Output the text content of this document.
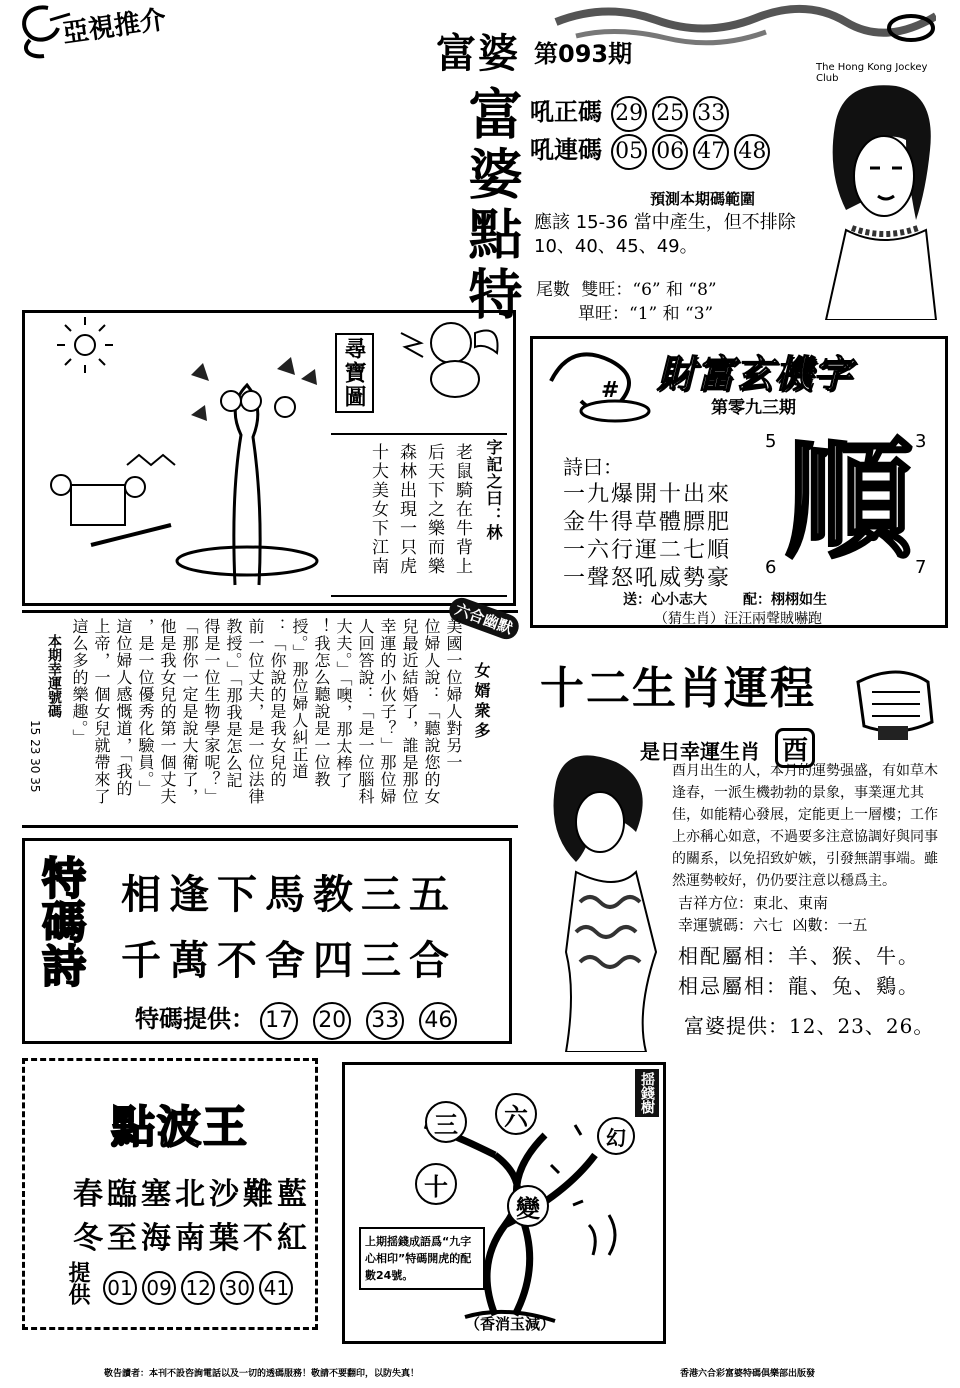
亞視推介
富婆 第093期	The Hong Kong Jockey Club
富婆點特 吼正碼 29 25 33
吼連碼 05 06 47 48
預測本期碼範圍
應該 15-36 當中產生，但不排除
10、40、45、49。
尾數 雙旺：“6” 和 “8”
單旺：“1” 和 “3”
尋寶圖
字記之曰：林
老鼠騎在牛背上
后天下之樂而樂
森林出現一只虎
十大美女下江南
# 財富玄機字
第零九三期
詩曰：
一九爆開十出來
金牛得草體膘肥
一六行運二七順
一聲怒吼威勢豪
5	3
6	7
順
送：心小志大	配：栩栩如生
（猜生肖）汪汪兩聲賊嚇跑
六合幽默
女婿衆多
美國一位婦人對另一
位婦人說：「聽說您的女
兒最近結婚了，誰是那位
幸運的小伙子？」那位婦
人回答說：「是一位腦科
大夫。」「噢，那太棒了
！我怎么聽說是一位教
授。」那位婦人糾正道
：「你說的是我女兒的
前一位丈夫，是一位法律
教授。」「那我是怎么記
得是一位生物學家呢？」
「那你一定是說大衛了，
他是我女兒的第一個丈夫
，是一位優秀化驗員。」
這位婦人感慨道，「我的
上帝，一個女兒就帶來了
這么多的樂趣。」
本期幸運號碼
15 23 30 35
十二生肖運程
是日幸運生肖 酉
酉月出生的人，本月的運勢强盛，有如草木逢春，一派生機勃勃的景象，事業運尤其佳，如能精心發展，定能更上一層樓；工作上亦稱心如意，不過要多注意協調好與同事的關系，以免招致妒嫉，引發無謂事端。雖然運勢較好，仍仍要注意以穩爲主。
吉祥方位：東北、東南
幸運號碼：六七  凶數：一五
相配屬相：羊、猴、牛。
相忌屬相：龍、兔、鷄。
富婆提供：12、23、26。
特碼詩 相逢下馬教三五
千萬不舍四三合
特碼提供： 17 20 33 46
點波王
春臨塞北沙難藍
冬至海南葉不紅
提供 01 09 12 30 41
三	六
十
變
幻
揺錢樹
上期揺錢成語爲“九字心相印”特碼開虎的配數24號。
（香消玉減）
敬告讀者：本刊不設咨詢電話以及一切的透碼服務！敬請不要翻印，以防失真！	香港六合彩富婆特碼俱樂部出版發
